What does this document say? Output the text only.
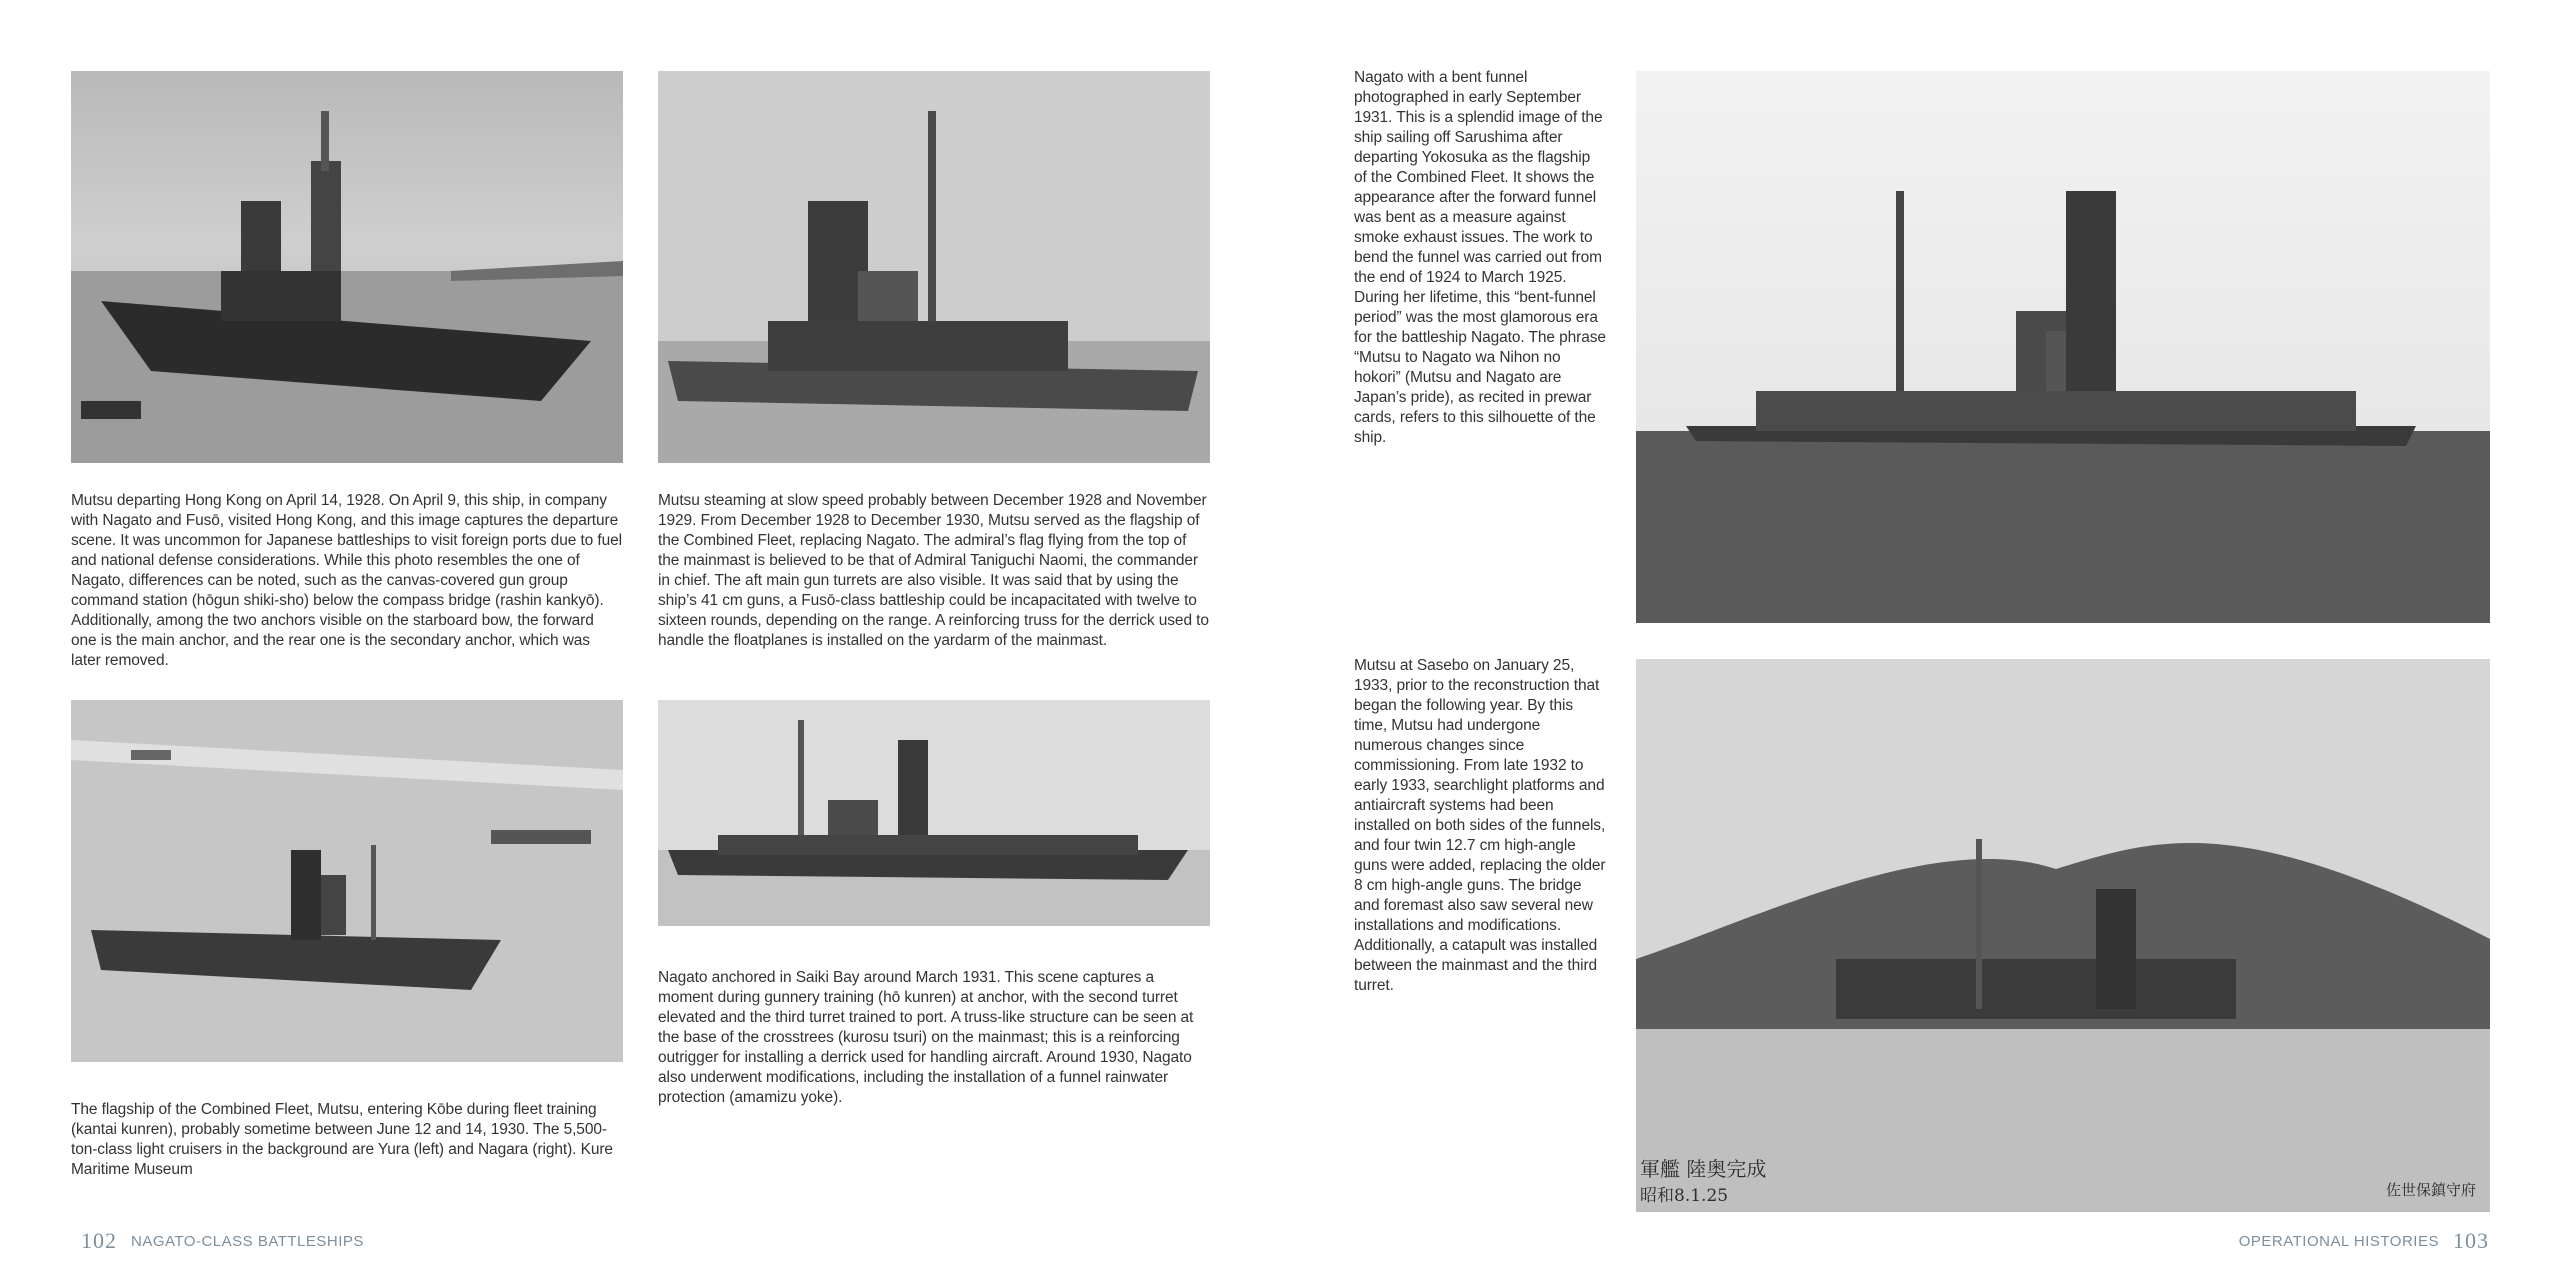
Mutsu departing Hong Kong on April 14, 1928. On April 9, this ship, in company with Nagato and Fusō, visited Hong Kong, and this image captures the departure scene. It was uncommon for Japanese battleships to visit foreign ports due to fuel and national defense considerations. While this photo resembles the one of Nagato, differences can be noted, such as the canvas-covered gun group command station (hōgun shiki-sho) below the compass bridge (rashin kankyō). Additionally, among the two anchors visible on the starboard bow, the forward one is the main anchor, and the rear one is the secondary anchor, which was later removed.
Mutsu steaming at slow speed probably between December 1928 and November 1929. From December 1928 to December 1930, Mutsu served as the flagship of the Combined Fleet, replacing Nagato. The admiral’s flag flying from the top of the mainmast is believed to be that of Admiral Taniguchi Naomi, the commander in chief. The aft main gun turrets are also visible. It was said that by using the ship’s 41 cm guns, a Fusō-class battleship could be incapacitated with twelve to sixteen rounds, depending on the range. A reinforcing truss for the derrick used to handle the floatplanes is installed on the yardarm of the mainmast.
The flagship of the Combined Fleet, Mutsu, entering Kōbe during fleet training (kantai kunren), probably sometime between June 12 and 14, 1930. The 5,500-ton-class light cruisers in the background are Yura (left) and Nagara (right). Kure Maritime Museum
Nagato anchored in Saiki Bay around March 1931. This scene captures a moment during gunnery training (hō kunren) at anchor, with the second turret elevated and the third turret trained to port. A truss-like structure can be seen at the base of the crosstrees (kurosu tsuri) on the mainmast; this is a reinforcing outrigger for installing a derrick used for handling aircraft. Around 1930, Nagato also underwent modifications, including the installation of a funnel rainwater protection (amamizu yoke).
102 NAGATO-CLASS BATTLESHIPS
Nagato with a bent funnel photographed in early September 1931. This is a splendid image of the ship sailing off Sarushima after departing Yokosuka as the flagship of the Combined Fleet. It shows the appearance after the forward funnel was bent as a measure against smoke exhaust issues. The work to bend the funnel was carried out from the end of 1924 to March 1925. During her lifetime, this “bent-funnel period” was the most glamorous era for the battleship Nagato. The phrase “Mutsu to Nagato wa Nihon no hokori” (Mutsu and Nagato are Japan’s pride), as recited in prewar cards, refers to this silhouette of the ship.
Mutsu at Sasebo on January 25, 1933, prior to the reconstruction that began the following year. By this time, Mutsu had undergone numerous changes since commissioning. From late 1932 to early 1933, searchlight platforms and antiaircraft systems had been installed on both sides of the funnels, and four twin 12.7 cm high-angle guns were added, replacing the older 8 cm high-angle guns. The bridge and foremast also saw several new installations and modifications. Additionally, a catapult was installed between the mainmast and the third turret.
軍艦 陸奥完成
昭和8.1.25	佐世保鎮守府
OPERATIONAL HISTORIES 103
